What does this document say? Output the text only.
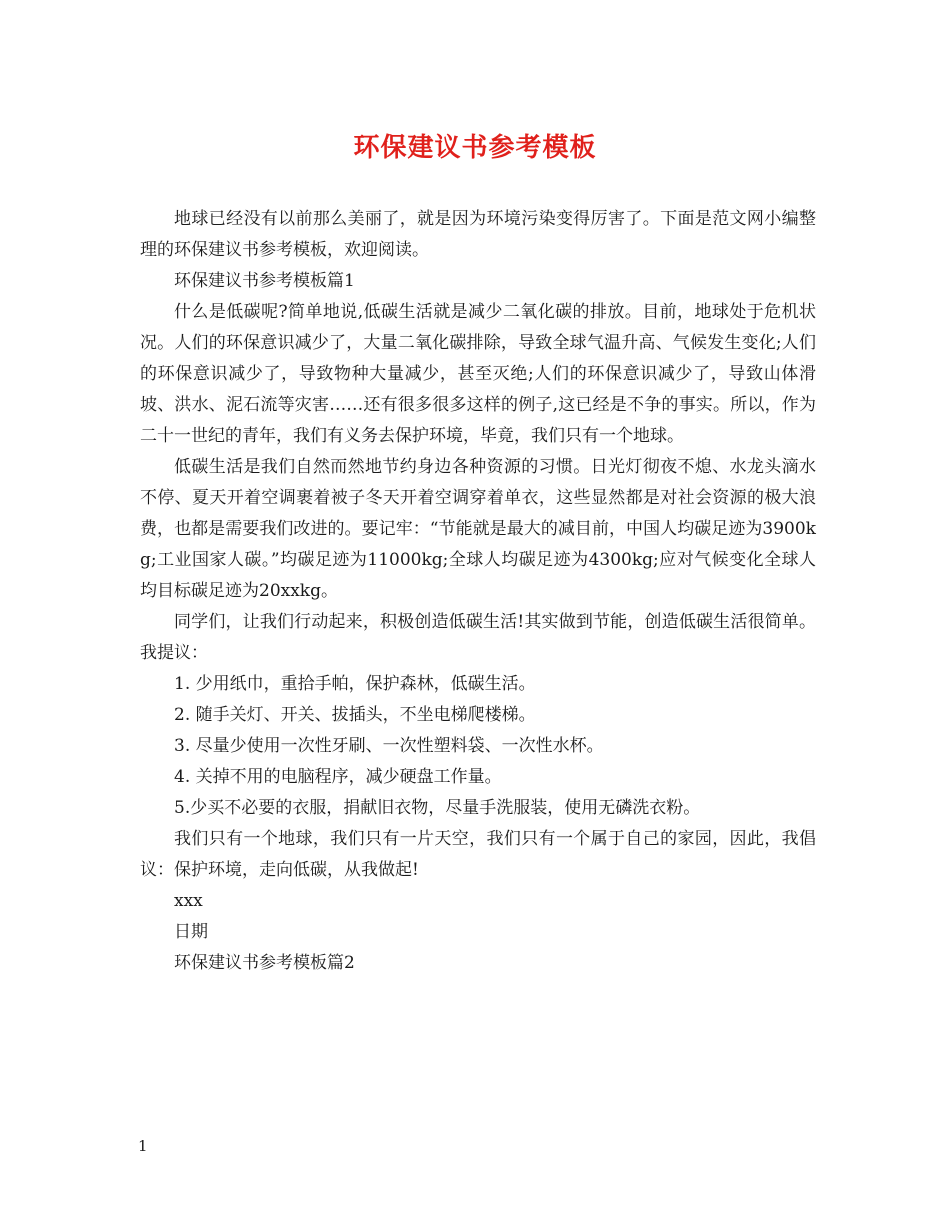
环保建议书参考模板

地球已经没有以前那么美丽了，就是因为环境污染变得厉害了。下面是范文网小编整理的环保建议书参考模板，欢迎阅读。

环保建议书参考模板篇1

什么是低碳呢?简单地说,低碳生活就是减少二氧化碳的排放。目前，地球处于危机状况。人们的环保意识减少了，大量二氧化碳排除，导致全球气温升高、气候发生变化;人们的环保意识减少了，导致物种大量减少，甚至灭绝;人们的环保意识减少了，导致山体滑坡、洪水、泥石流等灾害……还有很多很多这样的例子,这已经是不争的事实。所以，作为二十一世纪的青年，我们有义务去保护环境，毕竟，我们只有一个地球。

低碳生活是我们自然而然地节约身边各种资源的习惯。日光灯彻夜不熄、水龙头滴水不停、夏天开着空调裹着被子冬天开着空调穿着单衣，这些显然都是对社会资源的极大浪费，也都是需要我们改进的。要记牢：“节能就是最大的减目前，中国人均碳足迹为3900kg;工业国家人碳。”均碳足迹为11000kg;全球人均碳足迹为4300kg;应对气候变化全球人均目标碳足迹为20xxkg。

同学们，让我们行动起来，积极创造低碳生活!其实做到节能，创造低碳生活很简单。我提议：

1. 少用纸巾，重拾手帕，保护森林，低碳生活。

2. 随手关灯、开关、拔插头，不坐电梯爬楼梯。

3. 尽量少使用一次性牙刷、一次性塑料袋、一次性水杯。

4. 关掉不用的电脑程序，减少硬盘工作量。

5.少买不必要的衣服，捐献旧衣物，尽量手洗服装，使用无磷洗衣粉。

我们只有一个地球，我们只有一片天空，我们只有一个属于自己的家园，因此，我倡议：保护环境，走向低碳，从我做起!

xxx

日期

环保建议书参考模板篇2

1
